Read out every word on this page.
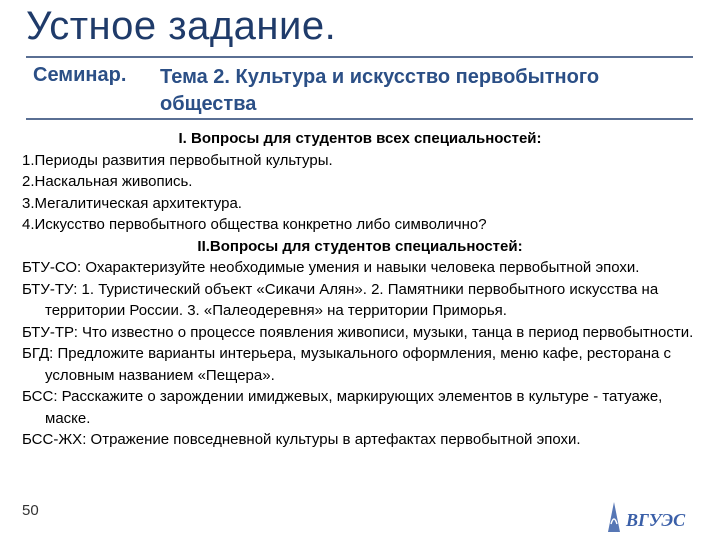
Устное задание.
Семинар. Тема 2. Культура и искусство первобытного общества
I. Вопросы для студентов всех специальностей:
1.Периоды развития первобытной культуры.
2.Наскальная живопись.
3.Мегалитическая архитектура.
4.Искусство первобытного общества конкретно либо символично?
II.Вопросы для студентов специальностей:
БТУ-СО: Охарактеризуйте необходимые умения и навыки человека первобытной эпохи.
БТУ-ТУ: 1. Туристический объект «Сикачи Алян». 2. Памятники первобытного искусства на территории России. 3. «Палеодеревня» на территории Приморья.
БТУ-ТР: Что известно о процессе появления живописи, музыки, танца в период первобытности.
БГД: Предложите варианты интерьера, музыкального оформления, меню кафе, ресторана с условным названием «Пещера».
БСС: Расскажите о зарождении имиджевых, маркирующих элементов в культуре - татуаже, маске.
БСС-ЖХ: Отражение повседневной культуры в артефактах первобытной эпохи.
50	ВГУЭС
